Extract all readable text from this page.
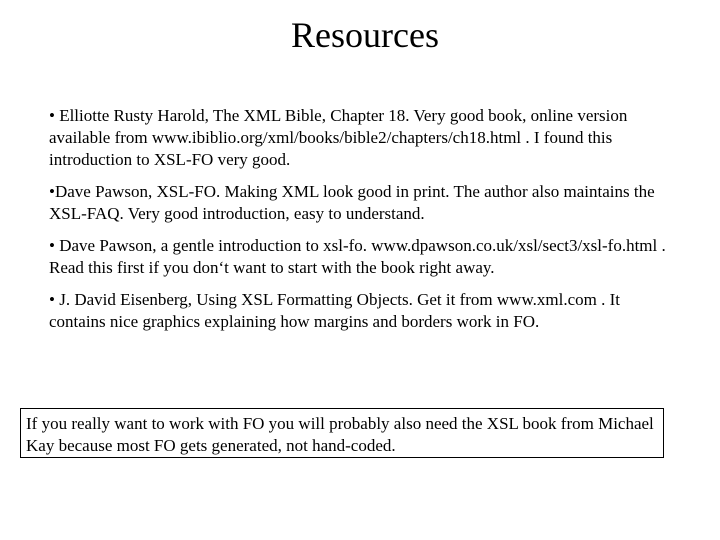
Resources

• Elliotte Rusty Harold, The XML Bible, Chapter 18. Very good book, online version available from www.ibiblio.org/xml/books/bible2/chapters/ch18.html . I found this introduction to XSL-FO very good.

•Dave Pawson, XSL-FO. Making XML look good in print. The author also maintains the XSL-FAQ. Very good introduction, easy to understand.

• Dave Pawson, a gentle introduction to xsl-fo. www.dpawson.co.uk/xsl/sect3/xsl-fo.html . Read this first if you don‘t want to start with the book right away.

• J. David Eisenberg, Using XSL Formatting Objects. Get it from www.xml.com . It contains nice graphics explaining how margins and borders work in FO.

If you really want to work with FO you will probably also need the XSL book from Michael Kay because most FO gets generated, not hand-coded.
